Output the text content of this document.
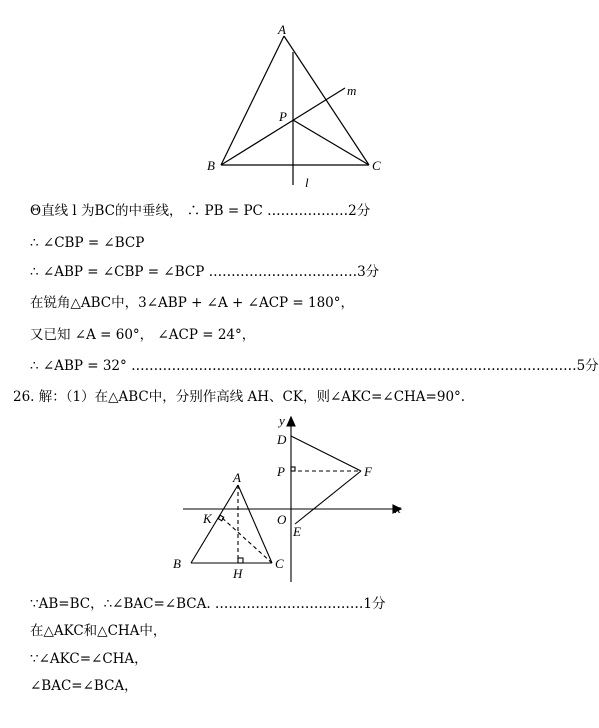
A
B	C
P
m
l
Θ直线 l 为BC的中垂线， ∴ PB = PC ………………2分
∴ ∠CBP = ∠BCP
∴ ∠ABP = ∠CBP = ∠BCP ……………………………3分
在锐角△ABC中，3∠ABP + ∠A + ∠ACP = 180°，
又已知 ∠A = 60°， ∠ACP = 24°，
∴ ∠ABP = 32° ………………………………………………………………………………………5分
26. 解：（1）在△ABC中，分别作高线 AH、CK，则∠AKC=∠CHA=90°.
y
x
O
D
P	F
E
A
K
B	C
H
∵AB=BC，∴∠BAC=∠BCA. ……………………………1分
在△AKC和△CHA中，
∵∠AKC=∠CHA，
∠BAC=∠BCA，
